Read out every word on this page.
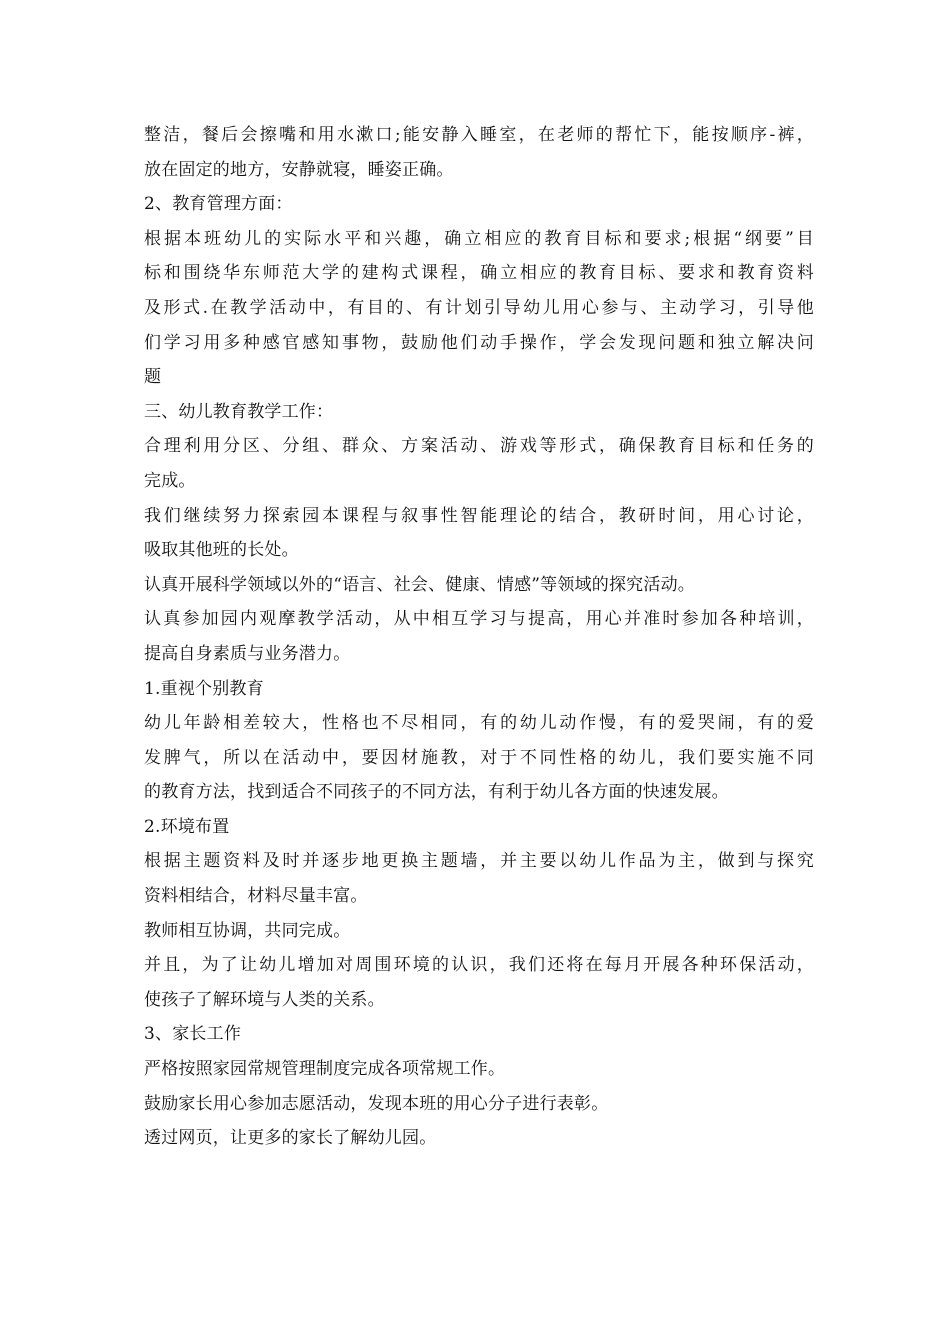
整洁，餐后会擦嘴和用水漱口;能安静入睡室，在老师的帮忙下，能按顺序-裤，
放在固定的地方，安静就寝，睡姿正确。
2、教育管理方面：
根据本班幼儿的实际水平和兴趣，确立相应的教育目标和要求;根据“纲要”目
标和围绕华东师范大学的建构式课程，确立相应的教育目标、要求和教育资料
及形式.在教学活动中，有目的、有计划引导幼儿用心参与、主动学习，引导他
们学习用多种感官感知事物，鼓励他们动手操作，学会发现问题和独立解决问
题
三、幼儿教育教学工作：
合理利用分区、分组、群众、方案活动、游戏等形式，确保教育目标和任务的
完成。
我们继续努力探索园本课程与叙事性智能理论的结合，教研时间，用心讨论，
吸取其他班的长处。
认真开展科学领域以外的“语言、社会、健康、情感”等领域的探究活动。
认真参加园内观摩教学活动，从中相互学习与提高，用心并准时参加各种培训，
提高自身素质与业务潜力。
1.重视个别教育
幼儿年龄相差较大，性格也不尽相同，有的幼儿动作慢，有的爱哭闹，有的爱
发脾气，所以在活动中，要因材施教，对于不同性格的幼儿，我们要实施不同
的教育方法，找到适合不同孩子的不同方法，有利于幼儿各方面的快速发展。
2.环境布置
根据主题资料及时并逐步地更换主题墙，并主要以幼儿作品为主，做到与探究
资料相结合，材料尽量丰富。
教师相互协调，共同完成。
并且，为了让幼儿增加对周围环境的认识，我们还将在每月开展各种环保活动，
使孩子了解环境与人类的关系。
3、家长工作
严格按照家园常规管理制度完成各项常规工作。
鼓励家长用心参加志愿活动，发现本班的用心分子进行表彰。
透过网页，让更多的家长了解幼儿园。
